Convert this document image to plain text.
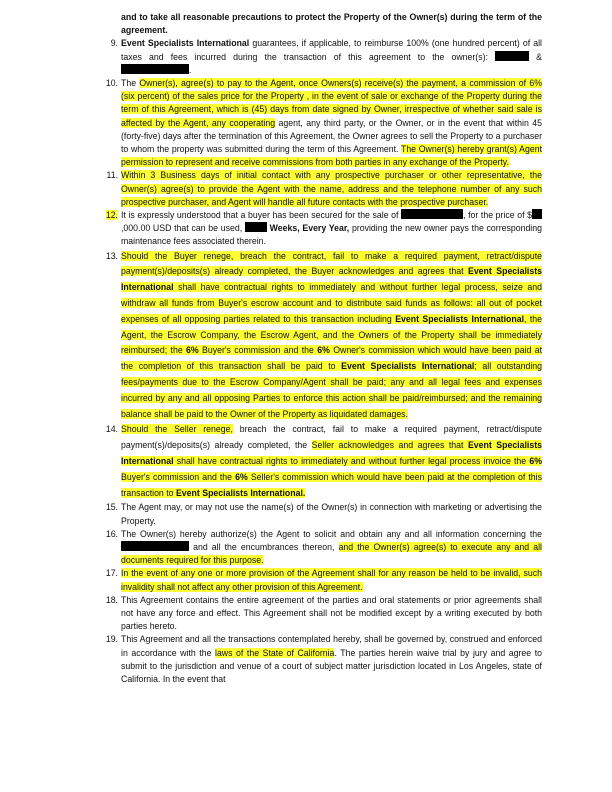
and to take all reasonable precautions to protect the Property of the Owner(s) during the term of the agreement.

9. Event Specialists International guarantees, if applicable, to reimburse 100% (one hundred percent) of all taxes and fees incurred during the transaction of this agreement to the owner(s):	& .

10. The Owner(s), agree(s) to pay to the Agent, once Owners(s) receive(s) the payment, a commission of 6% (six percent) of the sales price for the Property , in the event of sale or exchange of the Property during the term of this Agreement, which is (45) days from date signed by Owner, irrespective of whether said sale is affected by the Agent, any cooperating agent, any third party, or the Owner, or in the event that within 45 (forty-five) days after the termination of this Agreement, the Owner agrees to sell the Property to a purchaser to whom the property was submitted during the term of this Agreement. The Owner(s) hereby grant(s) Agent permission to represent and receive commissions from both parties in any exchange of the Property.

11. Within 3 Business days of initial contact with any prospective purchaser or other representative, the Owner(s) agree(s) to provide the Agent with the name, address and the telephone number of any such prospective purchaser, and Agent will handle all future contacts with the prospective purchaser.

12. It is expressly understood that a buyer has been secured for the sale of	, for the price of $,000.00 USD that can be used,	Weeks, Every Year, providing the new owner pays the corresponding maintenance fees associated therein.

13. Should the Buyer renege, breach the contract, fail to make a required payment, retract/dispute payment(s)/deposits(s) already completed, the Buyer acknowledges and agrees that Event Specialists International shall have contractual rights to immediately and without further legal process, seize and withdraw all funds from Buyer's escrow account and to distribute said funds as follows: all out of pocket expenses of all opposing parties related to this transaction including Event Specialists International, the Agent, the Escrow Company, the Escrow Agent, and the Owners of the Property shall be immediately reimbursed; the 6% Buyer's commission and the 6% Owner's commission which would have been paid at the completion of this transaction shall be paid to Event Specialists International; all outstanding fees/payments due to the Escrow Company/Agent shall be paid; any and all legal fees and expenses incurred by any and all opposing Parties to enforce this action shall be paid/reimbursed; and the remaining balance shall be paid to the Owner of the Property as liquidated damages.

14. Should the Seller renege, breach the contract, fail to make a required payment, retract/dispute payment(s)/deposits(s) already completed, the Seller acknowledges and agrees that Event Specialists International shall have contractual rights to immediately and without further legal process invoice the 6% Buyer's commission and the 6% Seller's commission which would have been paid at the completion of this transaction to Event Specialists International.

15. The Agent may, or may not use the name(s) of the Owner(s) in connection with marketing or advertising the Property.

16. The Owner(s) hereby authorize(s) the Agent to solicit and obtain any and all information concerning the  and all the encumbrances thereon, and the Owner(s) agree(s) to execute any and all documents required for this purpose.

17. In the event of any one or more provision of the Agreement shall for any reason be held to be invalid, such invalidity shall not affect any other provision of this Agreement.

18. This Agreement contains the entire agreement of the parties and oral statements or prior agreements shall not have any force and effect. This Agreement shall not be modified except by a writing executed by both parties hereto.

19. This Agreement and all the transactions contemplated hereby, shall be governed by, construed and enforced in accordance with the laws of the State of California. The parties herein waive trial by jury and agree to submit to the jurisdiction and venue of a court of subject matter jurisdiction located in Los Angeles, state of California. In the event that
